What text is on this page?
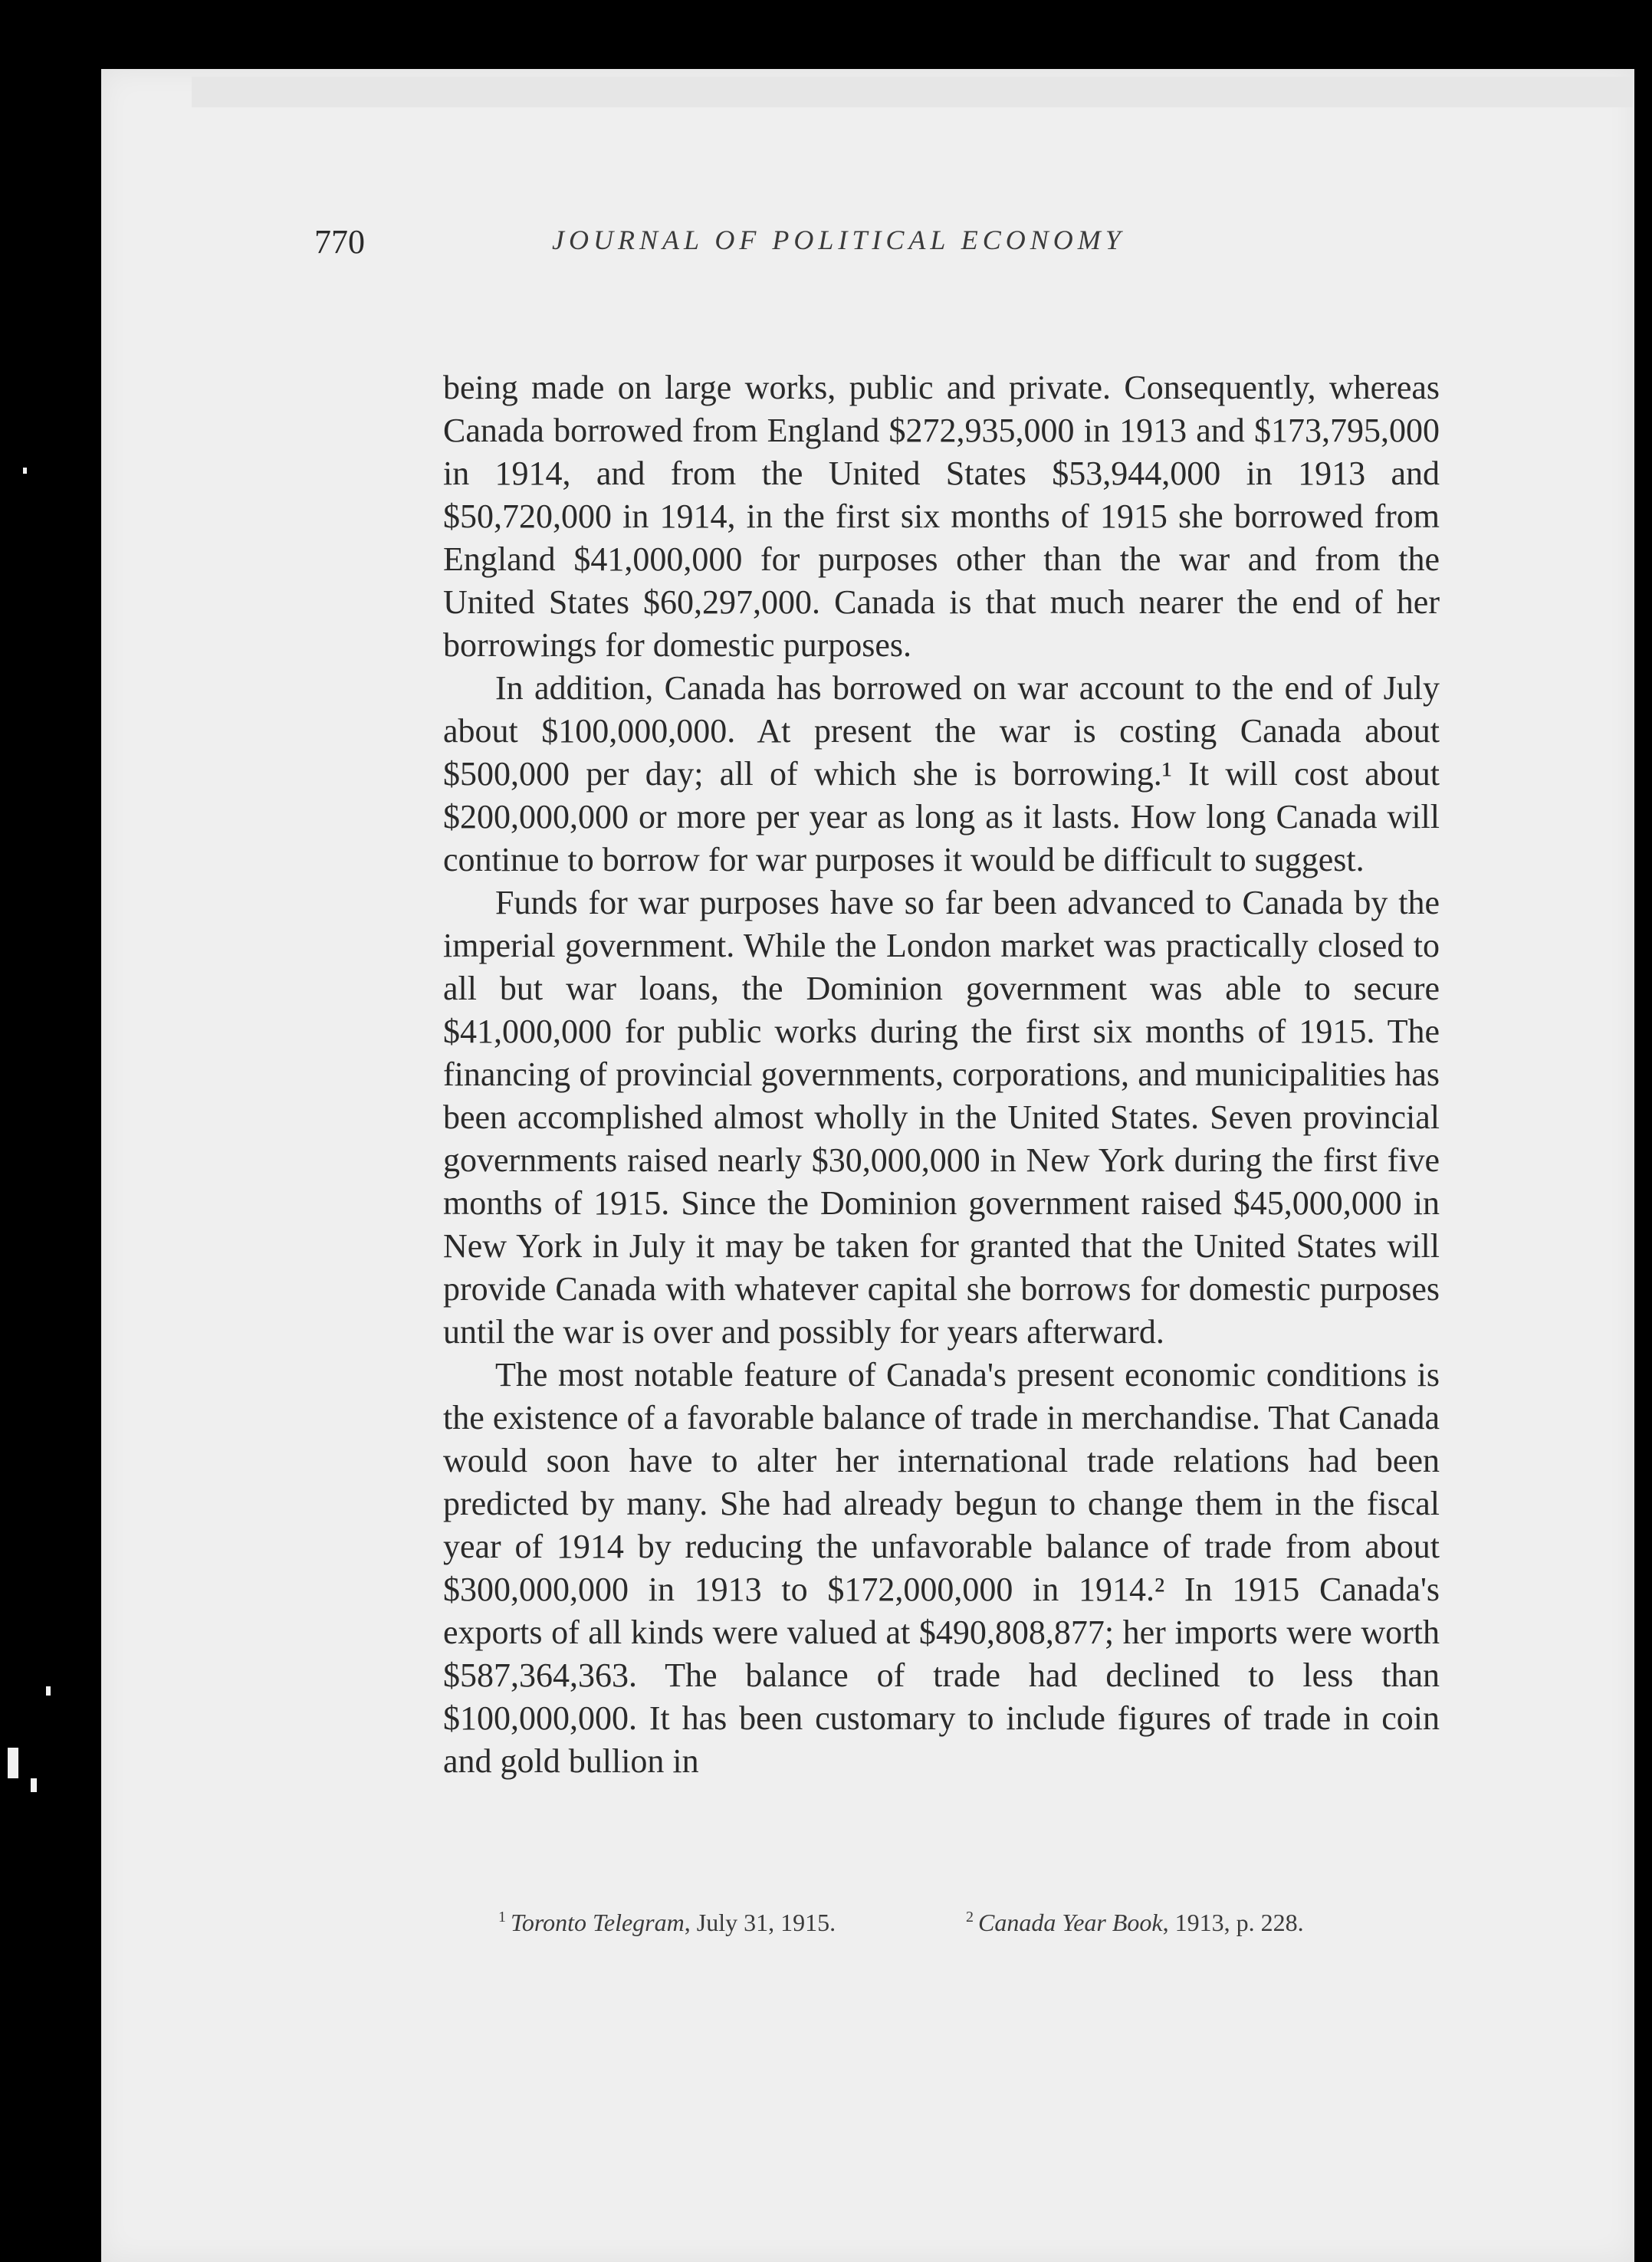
770	JOURNAL OF POLITICAL ECONOMY

being made on large works, public and private. Consequently, whereas Canada borrowed from England $272,935,000 in 1913 and $173,795,000 in 1914, and from the United States $53,944,000 in 1913 and $50,720,000 in 1914, in the first six months of 1915 she borrowed from England $41,000,000 for purposes other than the war and from the United States $60,297,000. Canada is that much nearer the end of her borrowings for domestic purposes.

In addition, Canada has borrowed on war account to the end of July about $100,000,000. At present the war is costing Canada about $500,000 per day; all of which she is borrowing.¹ It will cost about $200,000,000 or more per year as long as it lasts. How long Canada will continue to borrow for war purposes it would be difficult to suggest.

Funds for war purposes have so far been advanced to Canada by the imperial government. While the London market was practically closed to all but war loans, the Dominion government was able to secure $41,000,000 for public works during the first six months of 1915. The financing of provincial governments, corporations, and municipalities has been accomplished almost wholly in the United States. Seven provincial governments raised nearly $30,000,000 in New York during the first five months of 1915. Since the Dominion government raised $45,000,000 in New York in July it may be taken for granted that the United States will provide Canada with whatever capital she borrows for domestic purposes until the war is over and possibly for years afterward.

The most notable feature of Canada's present economic conditions is the existence of a favorable balance of trade in merchandise. That Canada would soon have to alter her international trade relations had been predicted by many. She had already begun to change them in the fiscal year of 1914 by reducing the unfavorable balance of trade from about $300,000,000 in 1913 to $172,000,000 in 1914.² In 1915 Canada's exports of all kinds were valued at $490,808,877; her imports were worth $587,364,363. The balance of trade had declined to less than $100,000,000. It has been customary to include figures of trade in coin and gold bullion in

$^1$ Toronto Telegram, July 31, 1915.	$^2$ Canada Year Book, 1913, p. 228.
